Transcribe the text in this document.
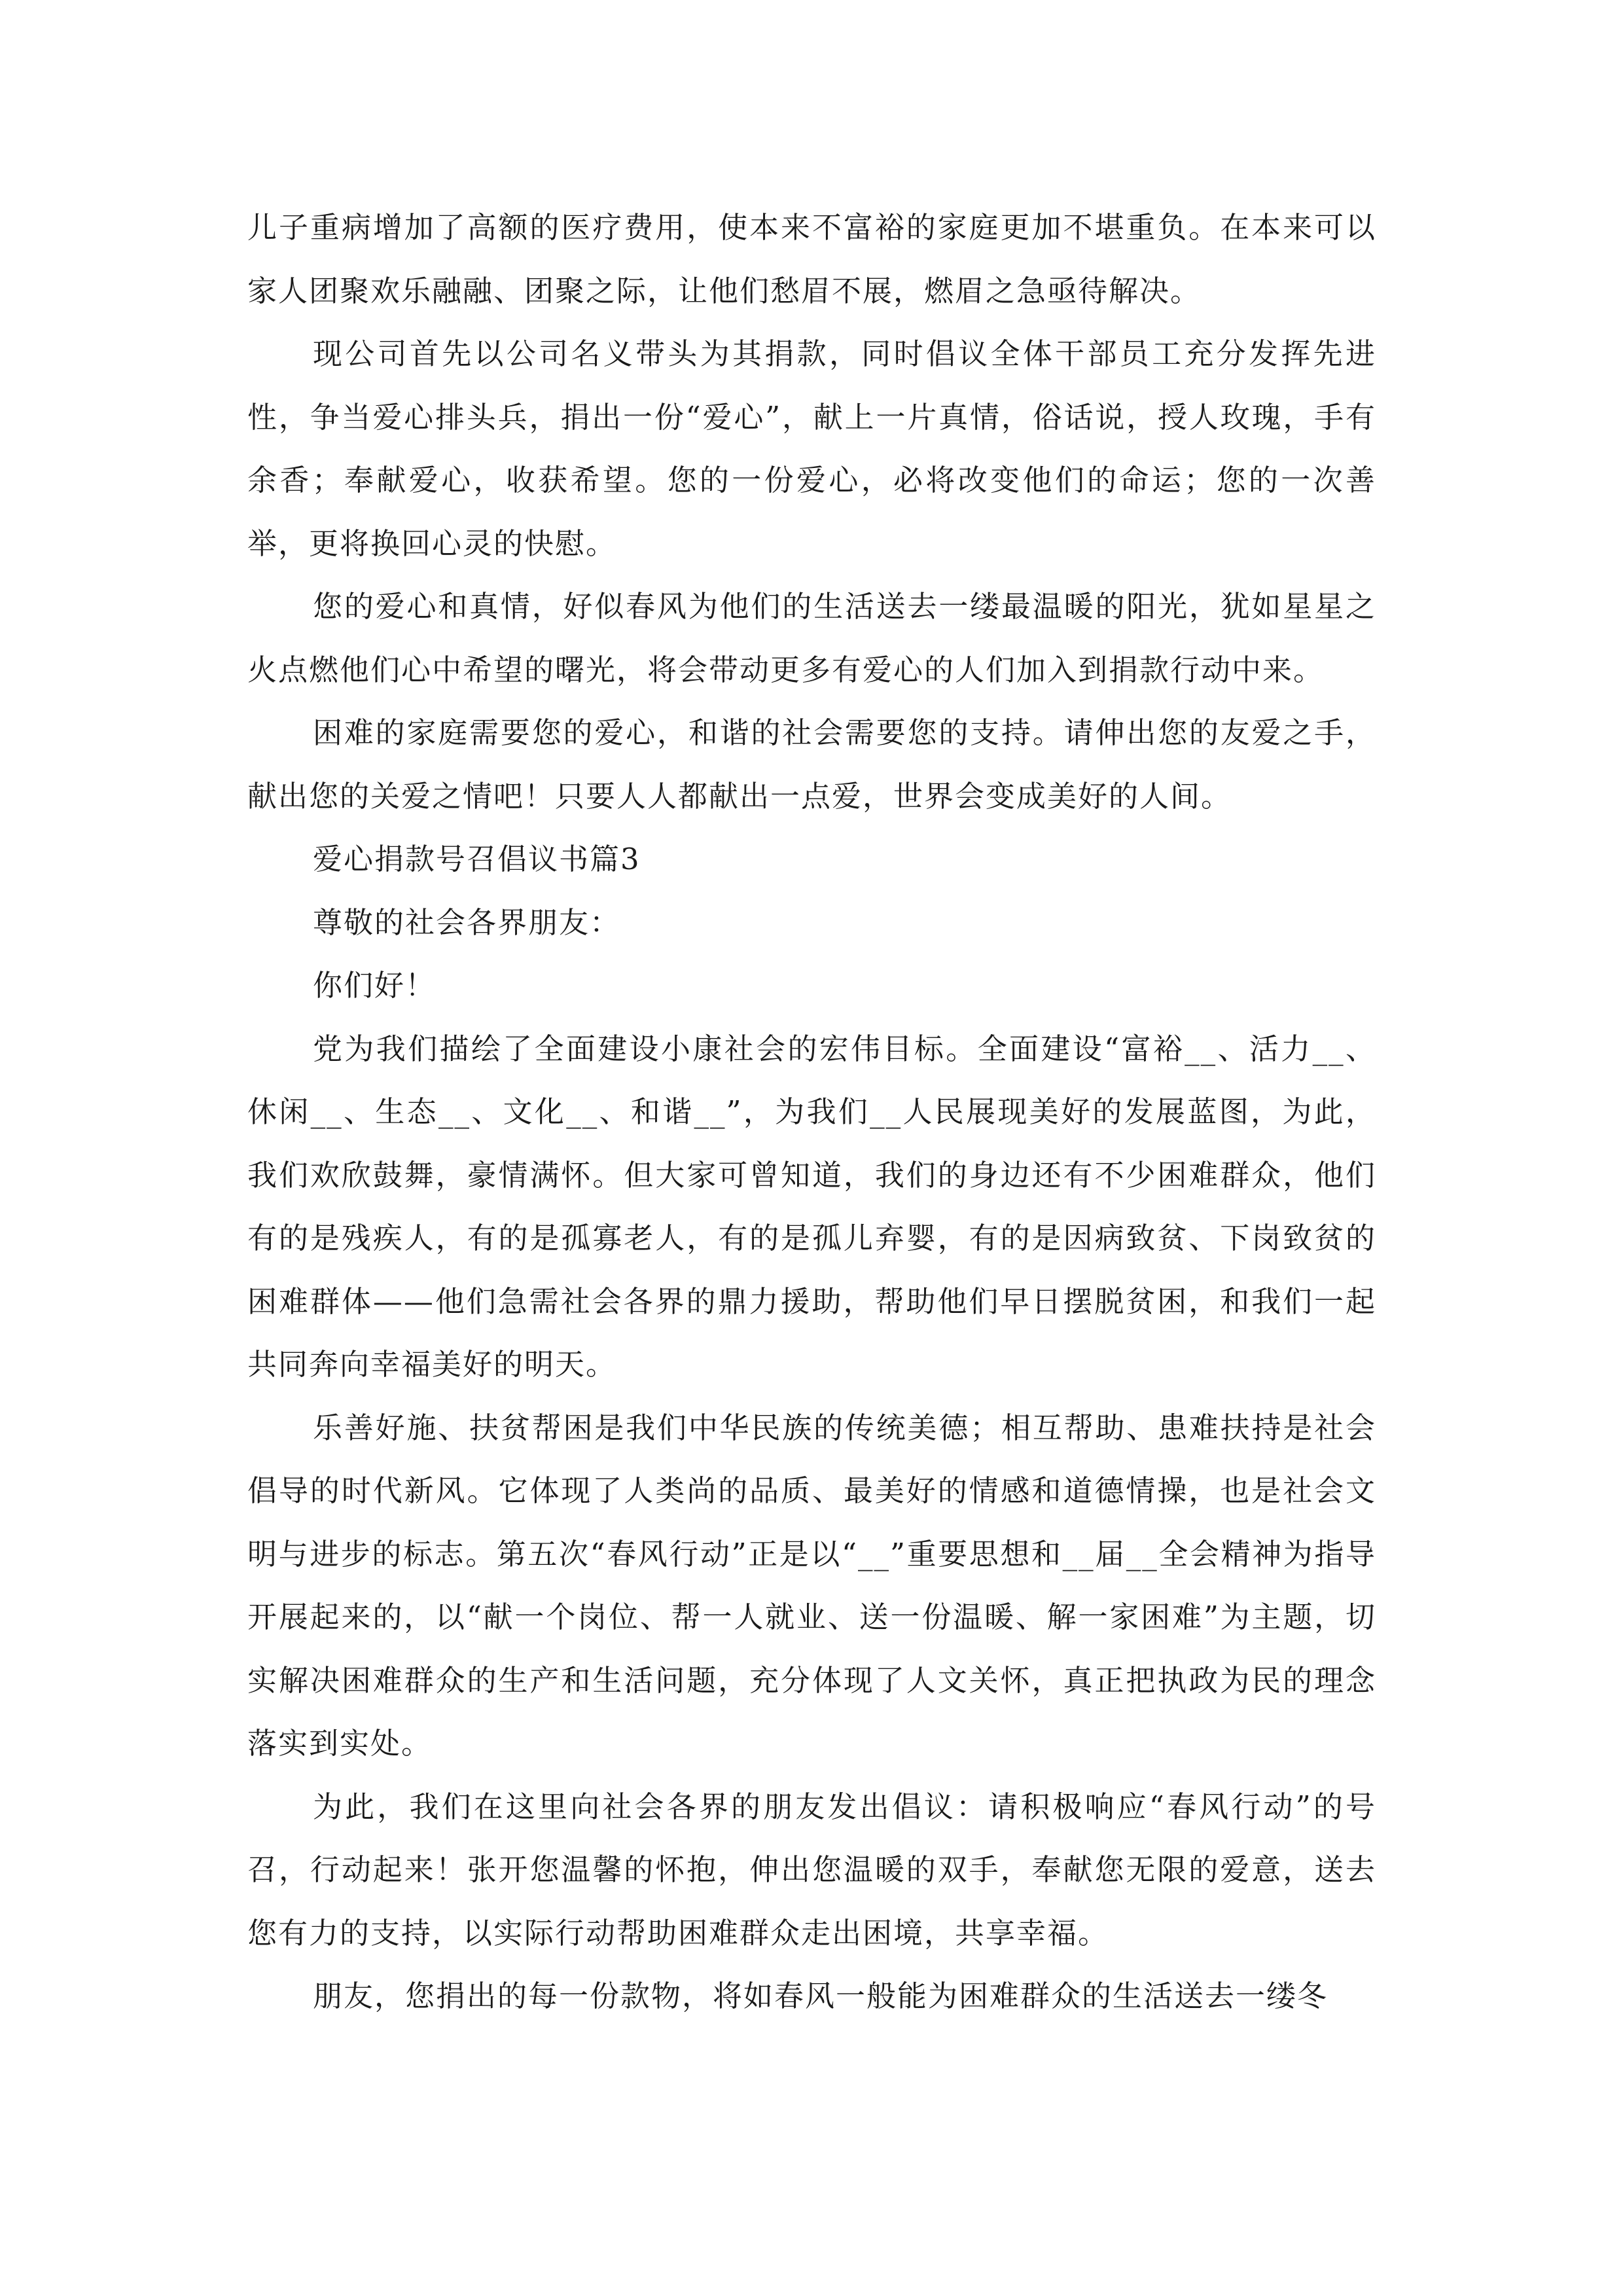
儿子重病增加了高额的医疗费用，使本来不富裕的家庭更加不堪重负。在本来可以家人团聚欢乐融融、团聚之际，让他们愁眉不展，燃眉之急亟待解决。

现公司首先以公司名义带头为其捐款，同时倡议全体干部员工充分发挥先进性，争当爱心排头兵，捐出一份“爱心”，献上一片真情，俗话说，授人玫瑰，手有余香；奉献爱心，收获希望。您的一份爱心，必将改变他们的命运；您的一次善举，更将换回心灵的快慰。

您的爱心和真情，好似春风为他们的生活送去一缕最温暖的阳光，犹如星星之火点燃他们心中希望的曙光，将会带动更多有爱心的人们加入到捐款行动中来。

困难的家庭需要您的爱心，和谐的社会需要您的支持。请伸出您的友爱之手，献出您的关爱之情吧！只要人人都献出一点爱，世界会变成美好的人间。

爱心捐款号召倡议书篇3

尊敬的社会各界朋友：

你们好！

党为我们描绘了全面建设小康社会的宏伟目标。全面建设“富裕__、活力__、休闲__、生态__、文化__、和谐__”，为我们__人民展现美好的发展蓝图，为此，我们欢欣鼓舞，豪情满怀。但大家可曾知道，我们的身边还有不少困难群众，他们有的是残疾人，有的是孤寡老人，有的是孤儿弃婴，有的是因病致贫、下岗致贫的困难群体——他们急需社会各界的鼎力援助，帮助他们早日摆脱贫困，和我们一起共同奔向幸福美好的明天。

乐善好施、扶贫帮困是我们中华民族的传统美德；相互帮助、患难扶持是社会倡导的时代新风。它体现了人类尚的品质、最美好的情感和道德情操，也是社会文明与进步的标志。第五次“春风行动”正是以“__”重要思想和__届__全会精神为指导开展起来的，以“献一个岗位、帮一人就业、送一份温暖、解一家困难”为主题，切实解决困难群众的生产和生活问题，充分体现了人文关怀，真正把执政为民的理念落实到实处。

为此，我们在这里向社会各界的朋友发出倡议：请积极响应“春风行动”的号召，行动起来！张开您温馨的怀抱，伸出您温暖的双手，奉献您无限的爱意，送去您有力的支持，以实际行动帮助困难群众走出困境，共享幸福。

朋友，您捐出的每一份款物，将如春风一般能为困难群众的生活送去一缕冬
